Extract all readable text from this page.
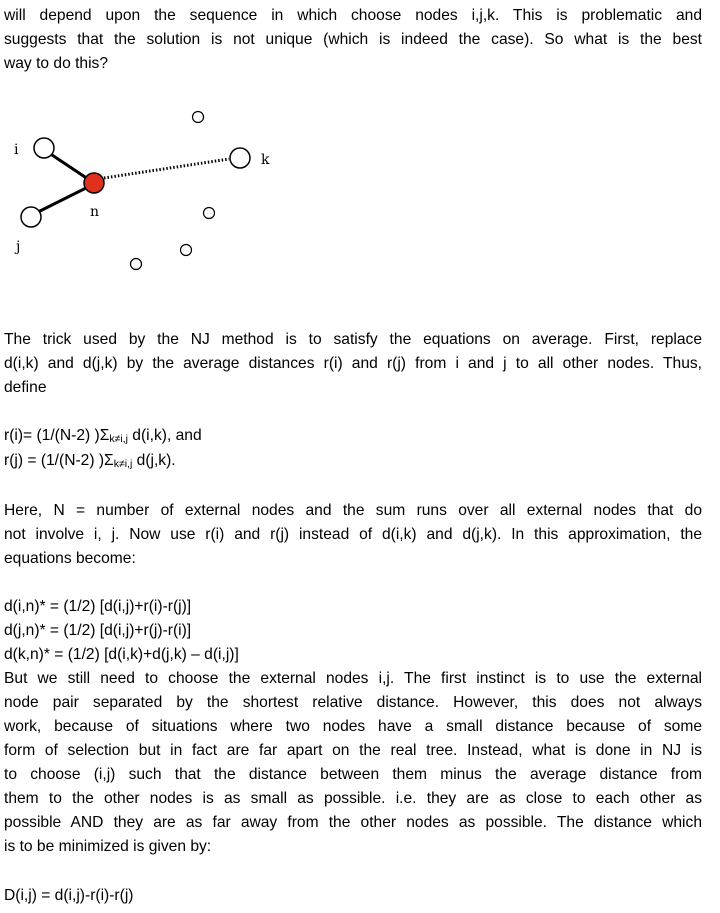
will depend upon the sequence in which choose nodes i,j,k. This is problematic and
suggests that the solution is not unique (which is indeed the case). So what is the best
way to do this?
i
j
k
n
The trick used by the NJ method is to satisfy the equations on average. First, replace
d(i,k) and d(j,k) by the average distances r(i) and r(j) from i and j to all other nodes. Thus,
define
r(i)= (1/(N-2) )Σk≠i,j d(i,k), and
r(j) = (1/(N-2) )Σk≠i,j d(j,k).
Here, N = number of external nodes and the sum runs over all external nodes that do
not involve i, j. Now use r(i) and r(j) instead of d(i,k) and d(j,k). In this approximation, the
equations become:
d(i,n)* = (1/2) [d(i,j)+r(i)-r(j)]
d(j,n)* = (1/2) [d(i,j)+r(j)-r(i)]
d(k,n)* = (1/2) [d(i,k)+d(j,k) – d(i,j)]
But we still need to choose the external nodes i,j. The first instinct is to use the external
node pair separated by the shortest relative distance. However, this does not always
work, because of situations where two nodes have a small distance because of some
form of selection but in fact are far apart on the real tree. Instead, what is done in NJ is
to choose (i,j) such that the distance between them minus the average distance from
them to the other nodes is as small as possible. i.e. they are as close to each other as
possible AND they are as far away from the other nodes as possible. The distance which
is to be minimized is given by:
D(i,j) = d(i,j)-r(i)-r(j)
